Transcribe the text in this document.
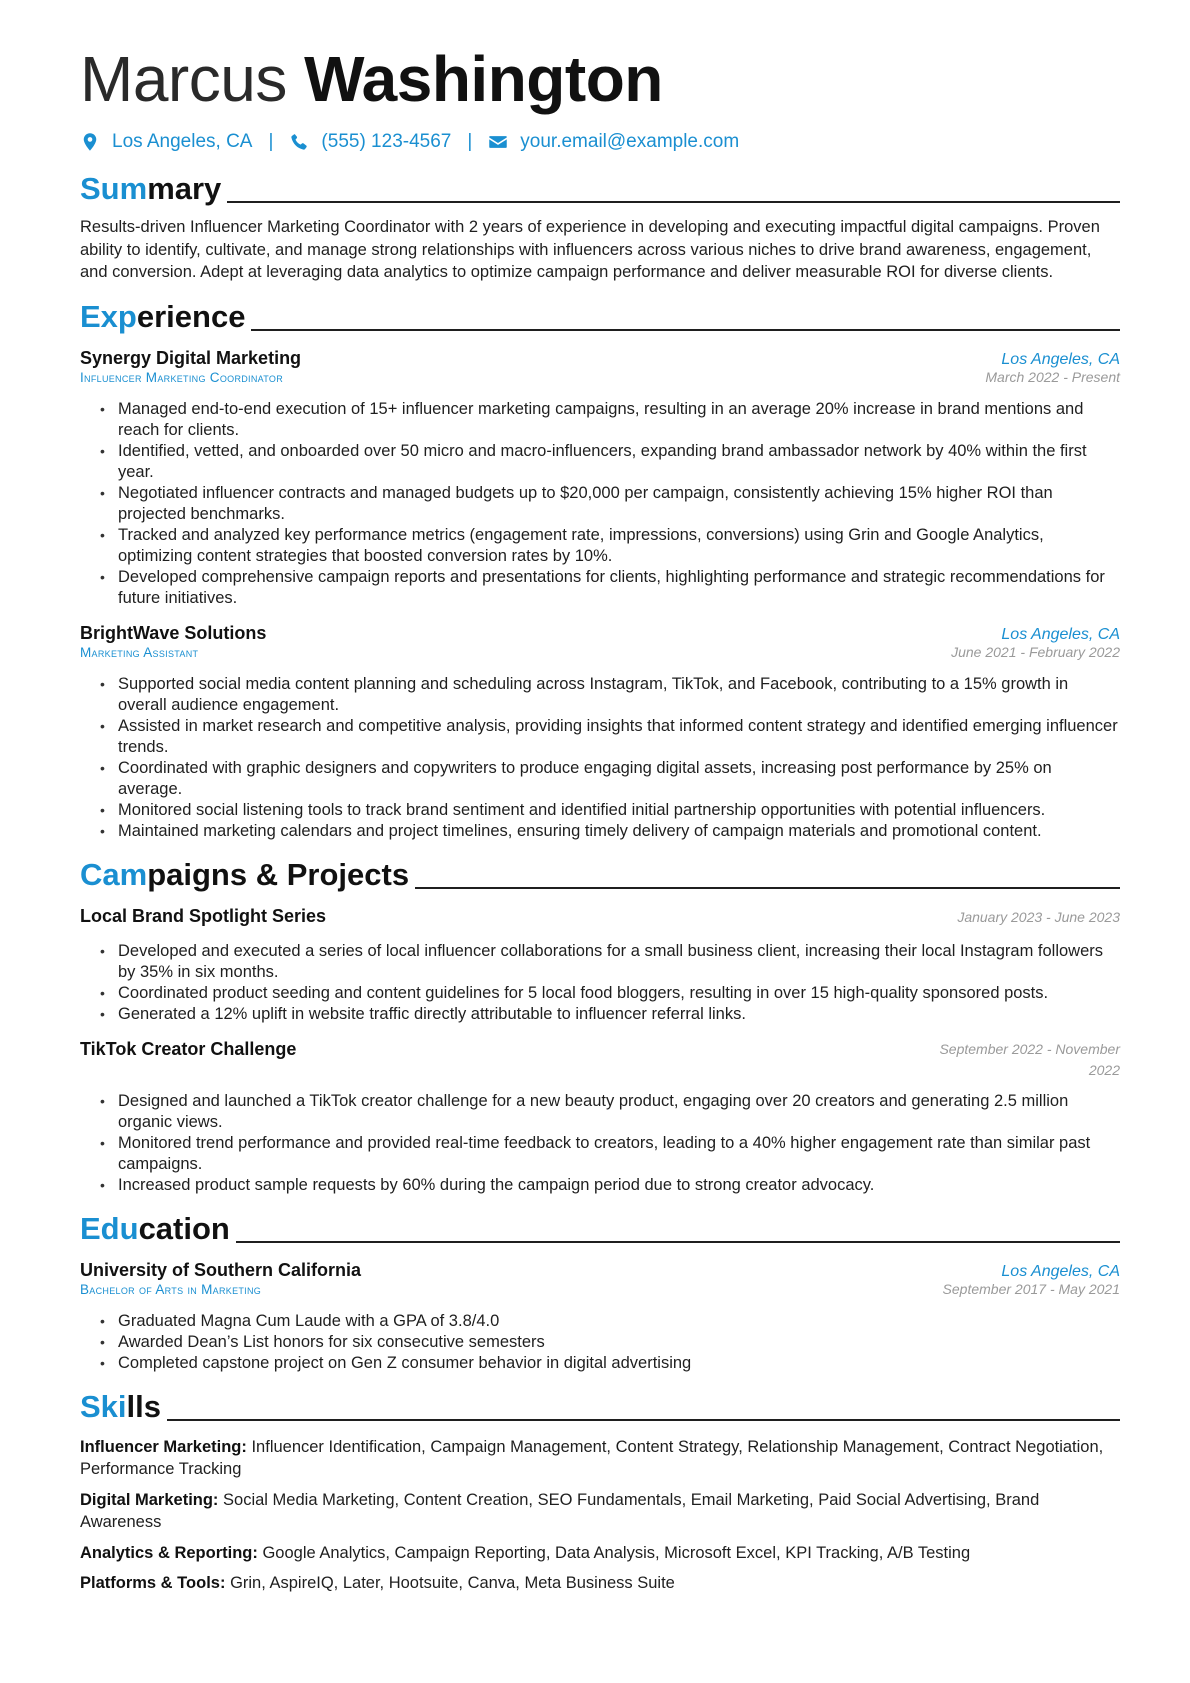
Marcus Washington
Los Angeles, CA |	(555) 123-4567 |	your.email@example.com
Summary

Results-driven Influencer Marketing Coordinator with 2 years of experience in developing and executing impactful digital campaigns. Proven ability to identify, cultivate, and manage strong relationships with influencers across various niches to drive brand awareness, engagement, and conversion. Adept at leveraging data analytics to optimize campaign performance and deliver measurable ROI for diverse clients.

Experience
Synergy Digital Marketing	Los Angeles, CA
Influencer Marketing Coordinator	March 2022 - Present
• Managed end-to-end execution of 15+ influencer marketing campaigns, resulting in an average 20% increase in brand mentions and reach for clients.
• Identified, vetted, and onboarded over 50 micro and macro-influencers, expanding brand ambassador network by 40% within the first year.
• Negotiated influencer contracts and managed budgets up to $20,000 per campaign, consistently achieving 15% higher ROI than projected benchmarks.
• Tracked and analyzed key performance metrics (engagement rate, impressions, conversions) using Grin and Google Analytics, optimizing content strategies that boosted conversion rates by 10%.
• Developed comprehensive campaign reports and presentations for clients, highlighting performance and strategic recommendations for future initiatives.
BrightWave Solutions	Los Angeles, CA
Marketing Assistant	June 2021 - February 2022
• Supported social media content planning and scheduling across Instagram, TikTok, and Facebook, contributing to a 15% growth in overall audience engagement.
• Assisted in market research and competitive analysis, providing insights that informed content strategy and identified emerging influencer trends.
• Coordinated with graphic designers and copywriters to produce engaging digital assets, increasing post performance by 25% on average.
• Monitored social listening tools to track brand sentiment and identified initial partnership opportunities with potential influencers.
• Maintained marketing calendars and project timelines, ensuring timely delivery of campaign materials and promotional content.
Campaigns & Projects
Local Brand Spotlight Series	January 2023 - June 2023
• Developed and executed a series of local influencer collaborations for a small business client, increasing their local Instagram followers by 35% in six months.
• Coordinated product seeding and content guidelines for 5 local food bloggers, resulting in over 15 high-quality sponsored posts.
• Generated a 12% uplift in website traffic directly attributable to influencer referral links.
TikTok Creator Challenge	September 2022 - November 2022
• Designed and launched a TikTok creator challenge for a new beauty product, engaging over 20 creators and generating 2.5 million organic views.
• Monitored trend performance and provided real-time feedback to creators, leading to a 40% higher engagement rate than similar past campaigns.
• Increased product sample requests by 60% during the campaign period due to strong creator advocacy.
Education
University of Southern California	Los Angeles, CA
Bachelor of Arts in Marketing	September 2017 - May 2021
• Graduated Magna Cum Laude with a GPA of 3.8/4.0
• Awarded Dean’s List honors for six consecutive semesters
• Completed capstone project on Gen Z consumer behavior in digital advertising
Skills
Influencer Marketing: Influencer Identification, Campaign Management, Content Strategy, Relationship Management, Contract Negotiation, Performance Tracking
Digital Marketing: Social Media Marketing, Content Creation, SEO Fundamentals, Email Marketing, Paid Social Advertising, Brand Awareness
Analytics & Reporting: Google Analytics, Campaign Reporting, Data Analysis, Microsoft Excel, KPI Tracking, A/B Testing
Platforms & Tools: Grin, AspireIQ, Later, Hootsuite, Canva, Meta Business Suite
